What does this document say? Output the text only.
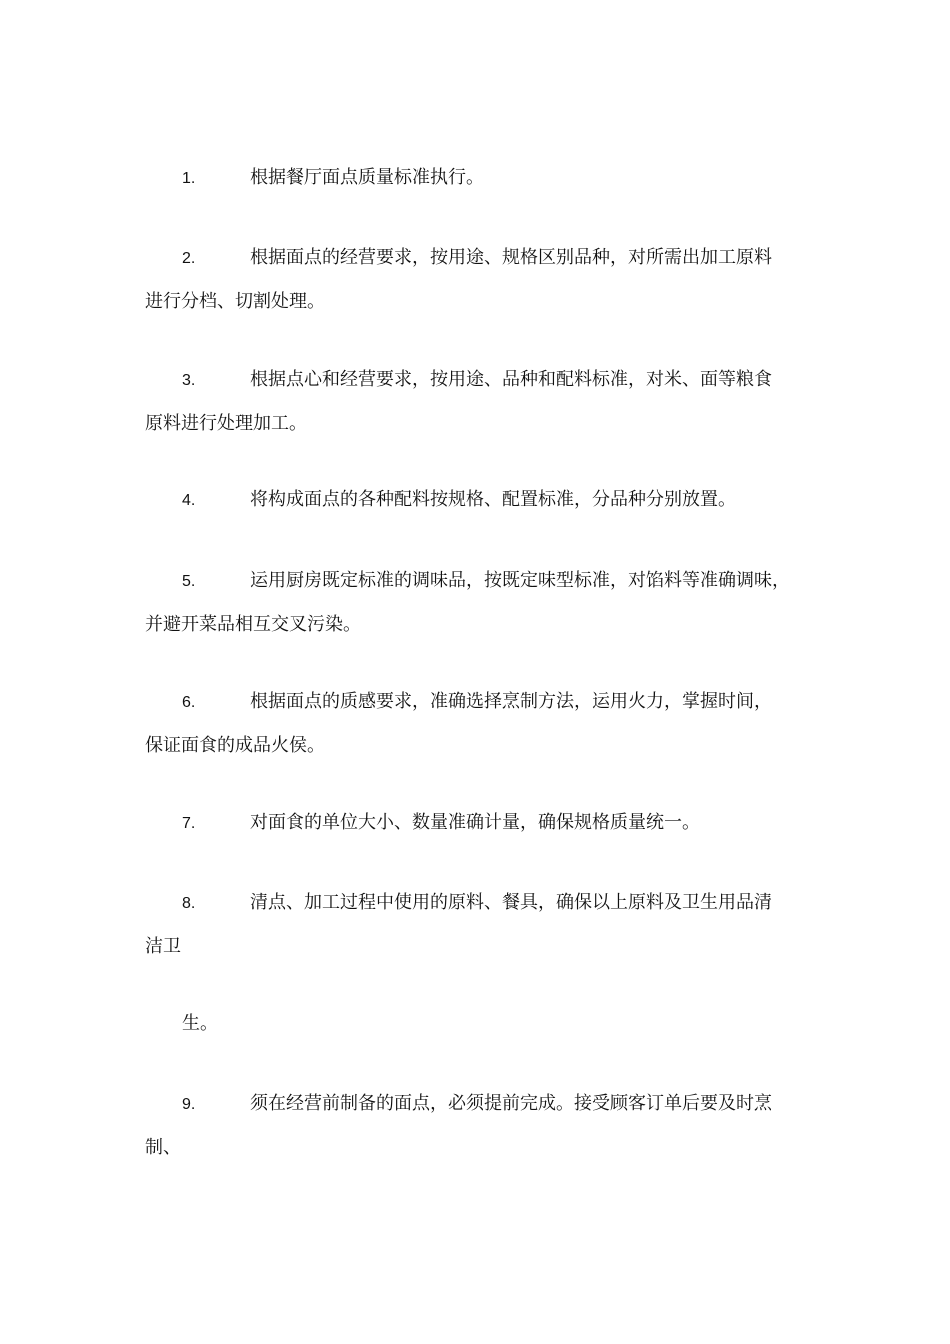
1.	根据餐厅面点质量标准执行。
2.	根据面点的经营要求，按用途、规格区别品种，对所需出加工原料
进行分档、切割处理。
3.	根据点心和经营要求，按用途、品种和配料标准，对米、面等粮食
原料进行处理加工。
4.	将构成面点的各种配料按规格、配置标准，分品种分别放置。
5.	运用厨房既定标准的调味品，按既定味型标准，对馅料等准确调味，
并避开菜品相互交叉污染。
6.	根据面点的质感要求，准确选择烹制方法，运用火力，掌握时间，
保证面食的成品火侯。
7.	对面食的单位大小、数量准确计量，确保规格质量统一。
8.	清点、加工过程中使用的原料、餐具，确保以上原料及卫生用品清
洁卫
生。
9.	须在经营前制备的面点，必须提前完成。接受顾客订单后要及时烹
制、
